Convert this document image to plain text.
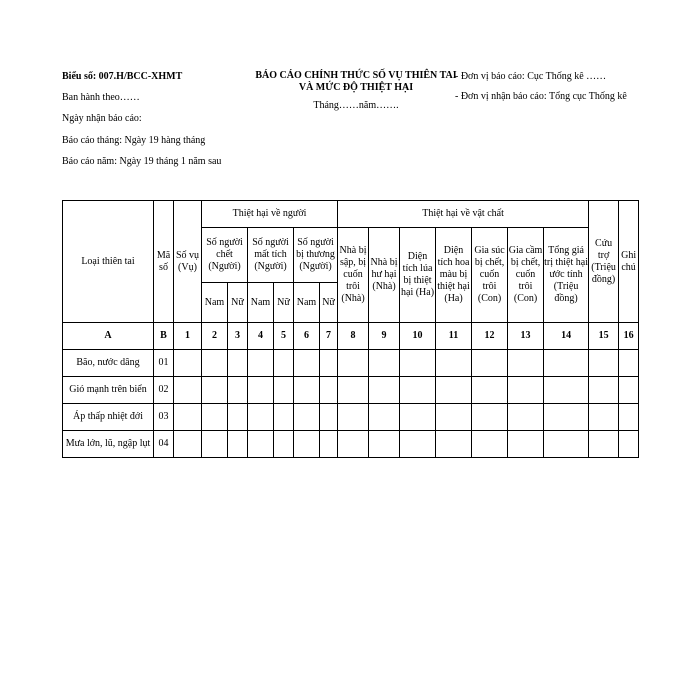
Biểu số: 007.H/BCC-XHMT
Ban hành theo……
Ngày nhận báo cáo:
Báo cáo tháng: Ngày 19 hàng tháng
Báo cáo năm: Ngày 19 tháng 1 năm sau
BÁO CÁO CHÍNH THỨC SỐ VỤ THIÊN TAI VÀ MỨC ĐỘ THIỆT HẠI
Tháng……năm…….
- Đơn vị báo cáo: Cục Thống kê ……
- Đơn vị nhận báo cáo: Tổng cục Thống kê
Loại thiên tai	Mã số	Số vụ (Vụ)	Thiệt hại về người						Thiệt hại về vật chất							Cứu trợ (Triệu đồng)	Ghi chú
			Số người chết (Người)		Số người mất tích (Người)		Số người bị thương (Người)		Nhà bị sập, bị cuốn trôi (Nhà)	Nhà bị hư hại (Nhà)	Diện tích lúa bị thiệt hại (Ha)	Diện tích hoa màu bị thiệt hại (Ha)	Gia súc bị chết, cuốn trôi (Con)	Gia cầm bị chết, cuốn trôi (Con)	Tổng giá trị thiệt hại ước tính (Triệu đồng)		
			Nam	Nữ	Nam	Nữ	Nam	Nữ									
A	B	1	2	3	4	5	6	7	8	9	10	11	12	13	14	15	16
Bão, nước dâng	01																
Gió mạnh trên biển	02																
Áp thấp nhiệt đới	03																
Mưa lớn, lũ, ngập lụt	04																
